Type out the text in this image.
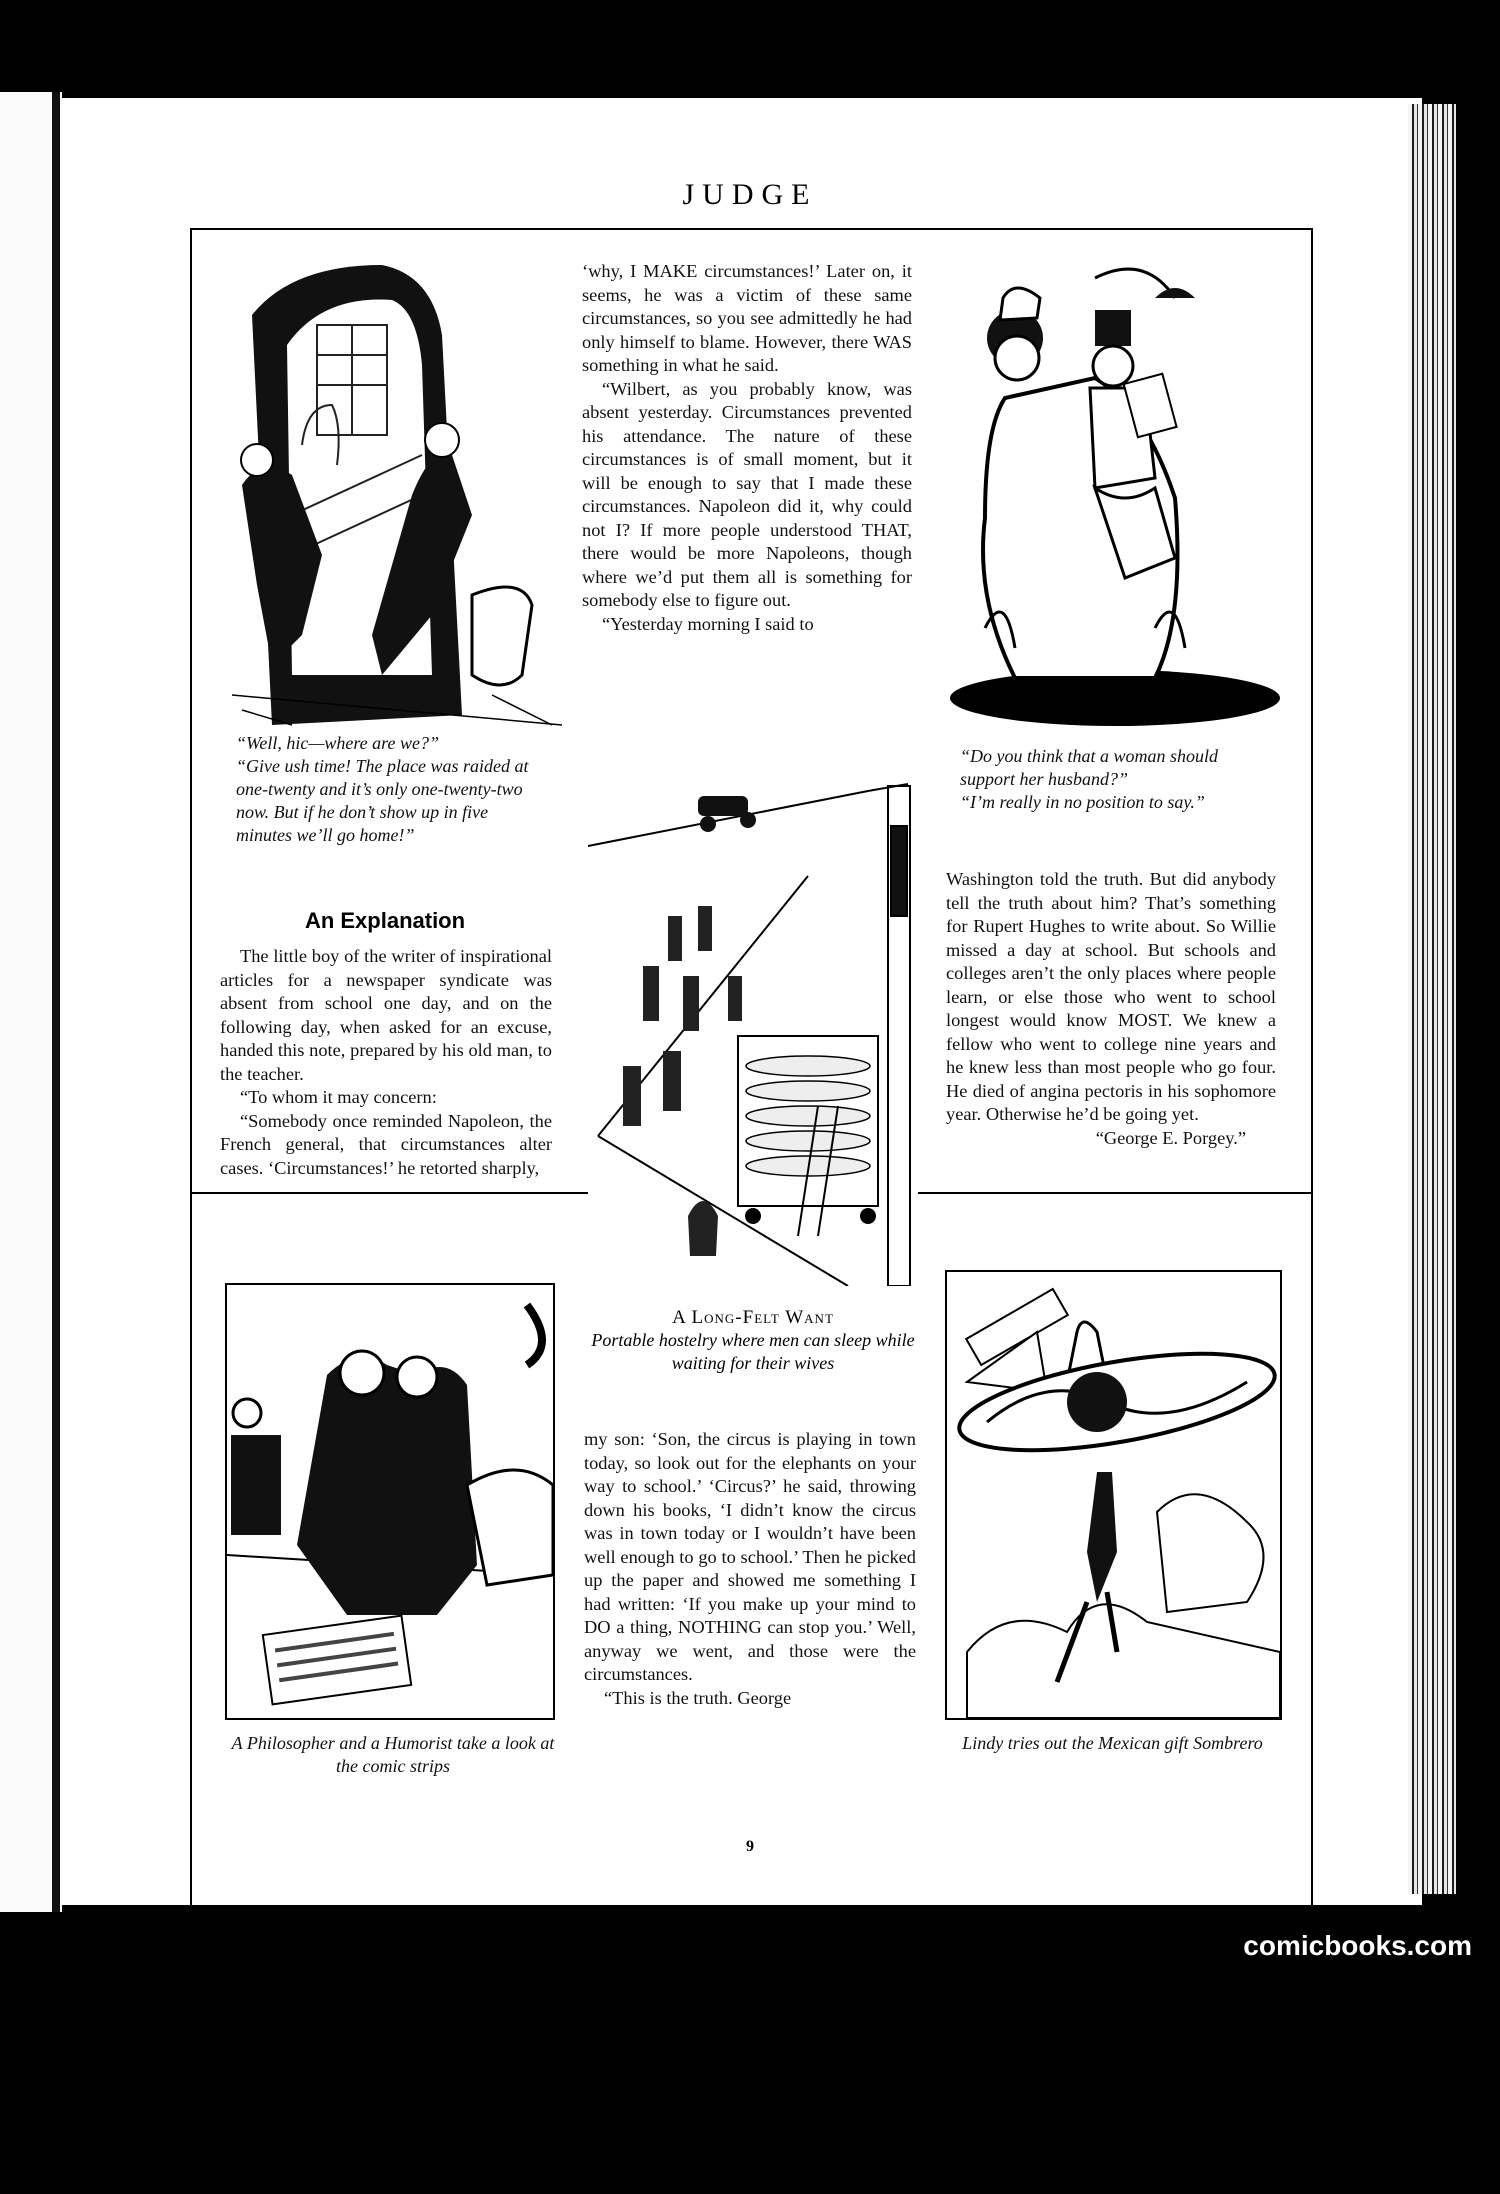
JUDGE

“Well, hic—where are we?”

“Give ush time! The place was raided at one-twenty and it’s only one-twenty-two now. But if he don’t show up in five minutes we’ll go home!”

An Explanation

The little boy of the writer of inspirational articles for a newspaper syndicate was absent from school one day, and on the following day, when asked for an excuse, handed this note, prepared by his old man, to the teacher.

“To whom it may concern:

“Somebody once reminded Napoleon, the French general, that circumstances alter cases. ‘Circumstances!’ he retorted sharply,

‘why, I MAKE circumstances!’ Later on, it seems, he was a victim of these same circumstances, so you see admittedly he had only himself to blame. However, there WAS something in what he said.

“Wilbert, as you probably know, was absent yesterday. Circumstances prevented his attendance. The nature of these circumstances is of small moment, but it will be enough to say that I made these circumstances. Napoleon did it, why could not I? If more people understood THAT, there would be more Napoleons, though where we’d put them all is something for somebody else to figure out.

“Yesterday morning I said to

A Long-Felt Want
Portable hostelry where men can sleep while waiting for their wives

my son: ‘Son, the circus is playing in town today, so look out for the elephants on your way to school.’ ‘Circus?’ he said, throwing down his books, ‘I didn’t know the circus was in town today or I wouldn’t have been well enough to go to school.’ Then he picked up the paper and showed me something I had written: ‘If you make up your mind to DO a thing, NOTHING can stop you.’ Well, anyway we went, and those were the circumstances.

“This is the truth. George

“Do you think that a woman should support her husband?”

“I’m really in no position to say.”

Washington told the truth. But did anybody tell the truth about him? That’s something for Rupert Hughes to write about. So Willie missed a day at school. But schools and colleges aren’t the only places where people learn, or else those who went to school longest would know MOST. We knew a fellow who went to college nine years and he knew less than most people who go four. He died of angina pectoris in his sophomore year. Otherwise he’d be going yet.

“George E. Porgey.”

A Philosopher and a Humorist take a look at the comic strips
Lindy tries out the Mexican gift Sombrero
9
comicbooks.com
